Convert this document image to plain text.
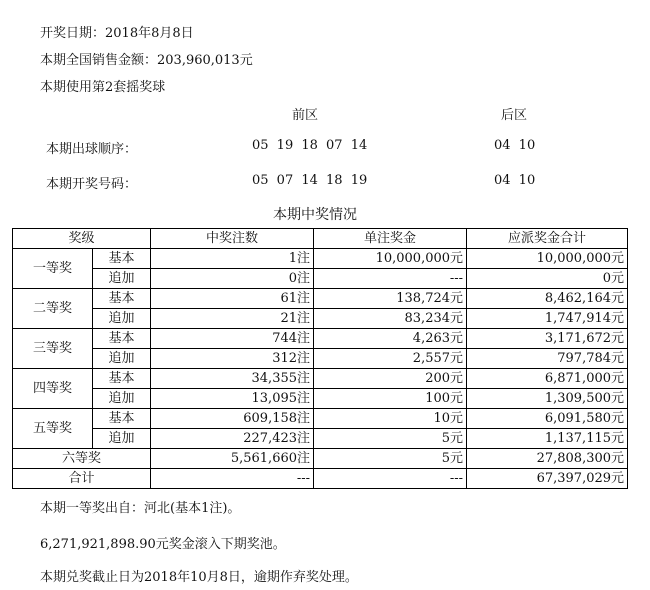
开奖日期：2018年8月8日
本期全国销售金额：203,960,013元
本期使用第2套摇奖球
前区	后区
本期出球顺序：	05 19 18 07 14	04 10
本期开奖号码：	05 07 14 18 19	04 10
本期中奖情况
奖级		中奖注数	单注奖金	应派奖金合计
一等奖	基本	1注	10,000,000元	10,000,000元
	追加	0注	---	0元
二等奖	基本	61注	138,724元	8,462,164元
	追加	21注	83,234元	1,747,914元
三等奖	基本	744注	4,263元	3,171,672元
	追加	312注	2,557元	797,784元
四等奖	基本	34,355注	200元	6,871,000元
	追加	13,095注	100元	1,309,500元
五等奖	基本	609,158注	10元	6,091,580元
	追加	227,423注	5元	1,137,115元
六等奖		5,561,660注	5元	27,808,300元
合计		---	---	67,397,029元
本期一等奖出自：河北(基本1注)。
6,271,921,898.90元奖金滚入下期奖池。
本期兑奖截止日为2018年10月8日，逾期作弃奖处理。
